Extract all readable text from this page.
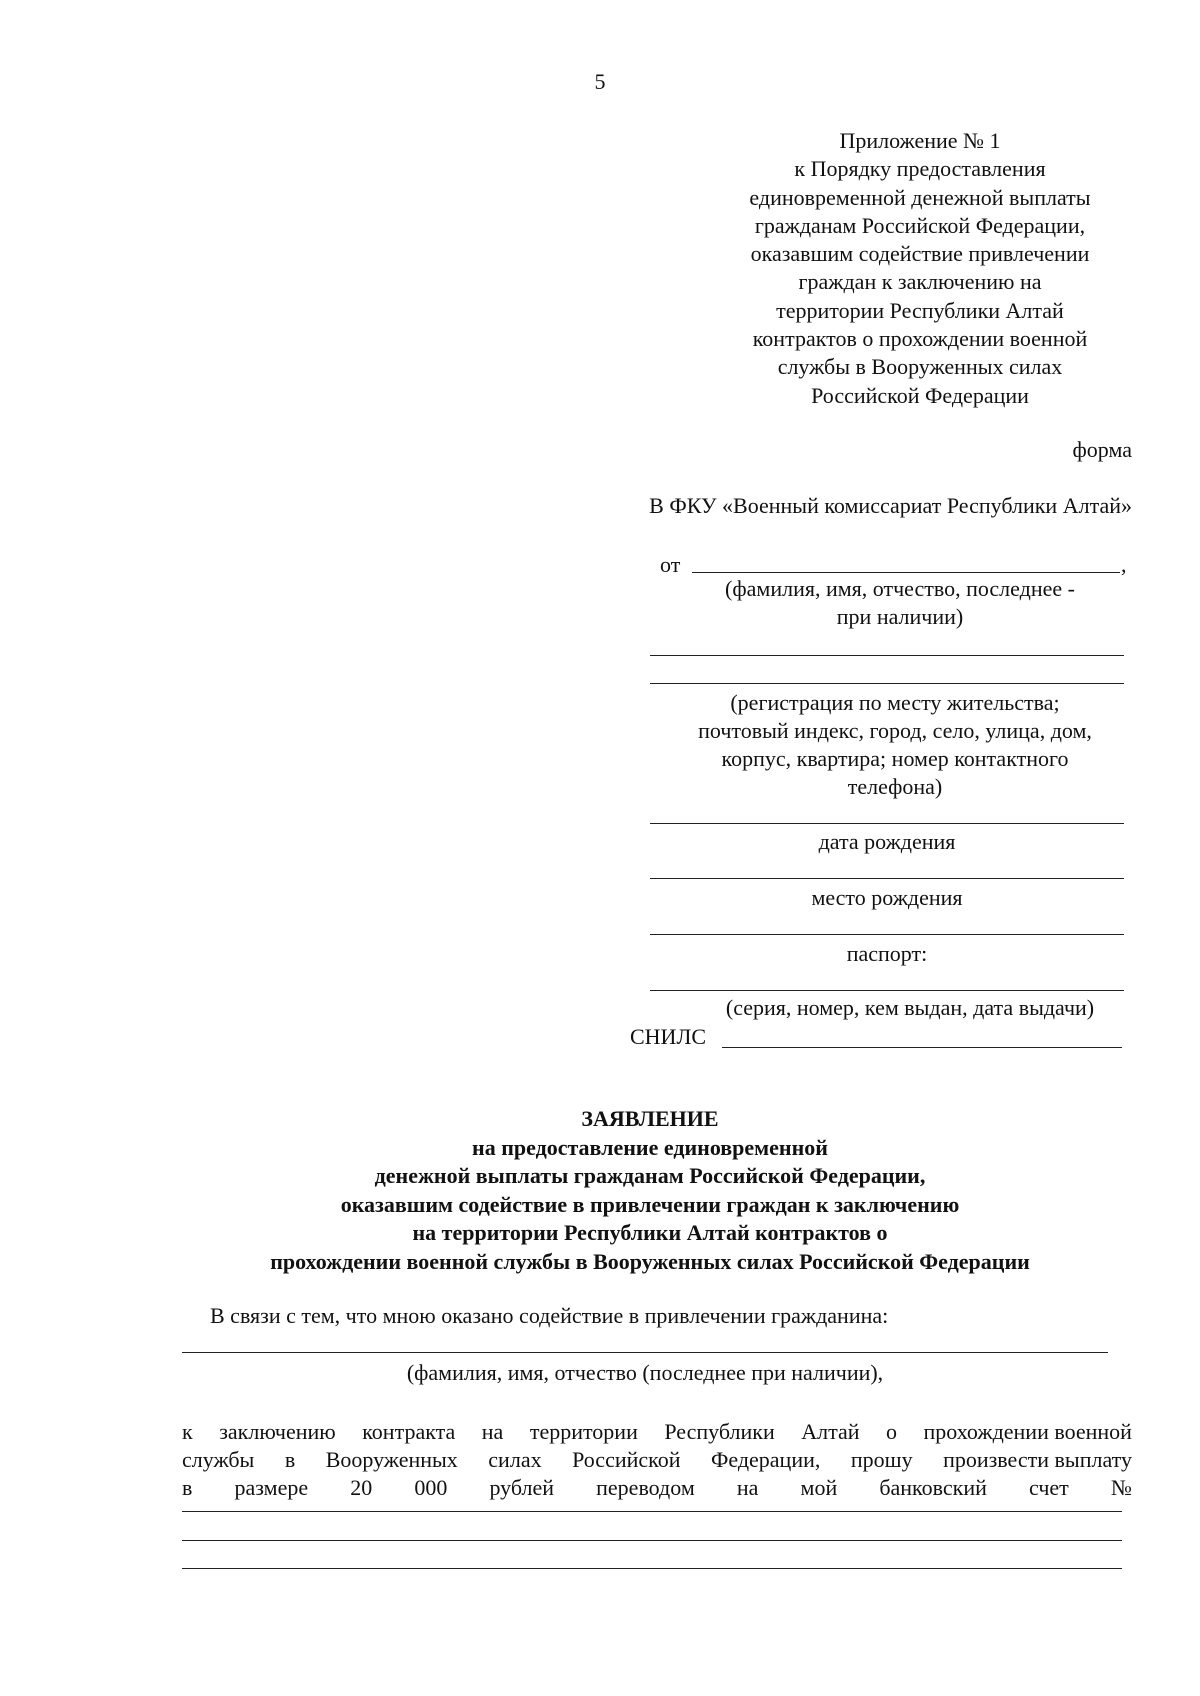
5
Приложение № 1
к Порядку предоставления
единовременной денежной выплаты
гражданам Российской Федерации,
оказавшим содействие привлечении
граждан к заключению на
территории Республики Алтай
контрактов о прохождении военной
службы в Вооруженных силах
Российской Федерации
форма
В ФКУ «Военный комиссариат Республики Алтай»
от	,
(фамилия, имя, отчество, последнее -
при наличии)
(регистрация по месту жительства;
почтовый индекс, город, село, улица, дом,
корпус, квартира; номер контактного
телефона)
дата рождения
место рождения
паспорт:
(серия, номер, кем выдан, дата выдачи)
СНИЛС
ЗАЯВЛЕНИЕ
на предоставление единовременной
денежной выплаты гражданам Российской Федерации,
оказавшим содействие в привлечении граждан к заключению
на территории Республики Алтай контрактов о
прохождении военной службы в Вооруженных силах Российской Федерации
В связи с тем, что мною оказано содействие в привлечении гражданина:
(фамилия, имя, отчество (последнее при наличии),
к заключению контракта на территории Республики Алтай о прохождении военной
службы в Вооруженных силах Российской Федерации, прошу произвести выплату
в размере 20 000 рублей переводом на мой банковский счет №
